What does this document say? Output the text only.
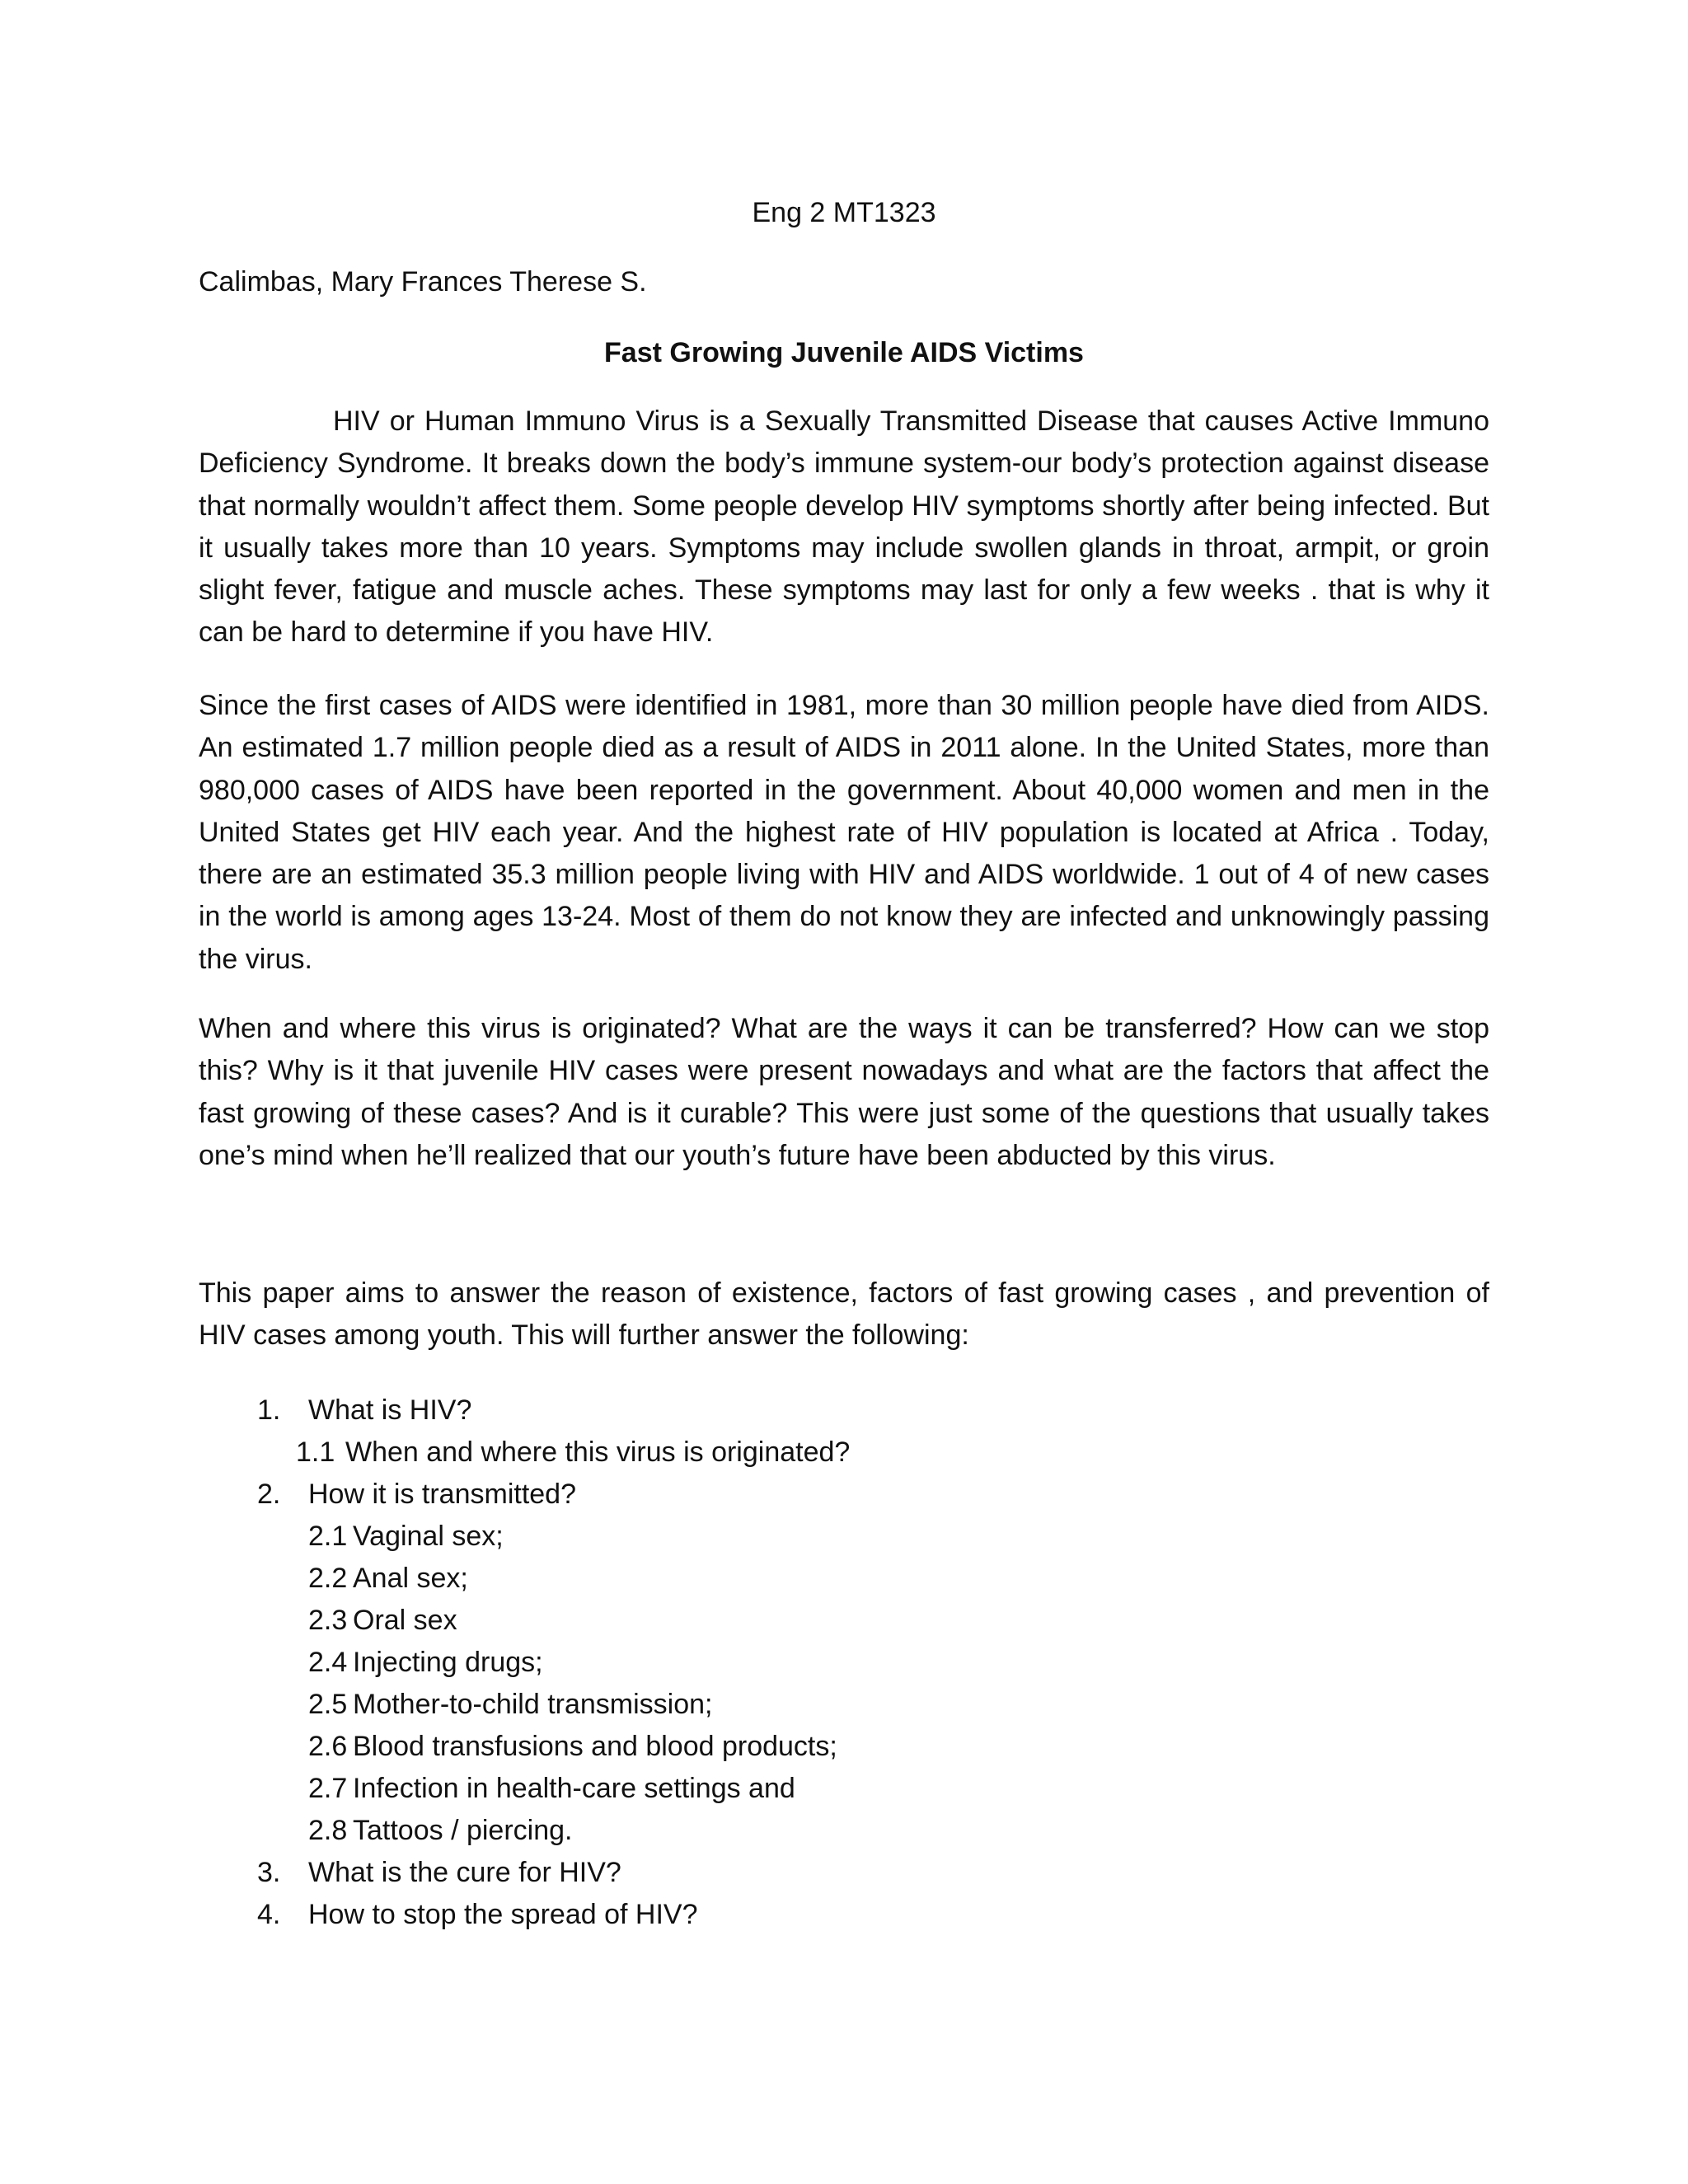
Eng 2 MT1323

Calimbas, Mary Frances Therese S.

Fast Growing Juvenile AIDS Victims

HIV or Human Immuno Virus is a Sexually Transmitted Disease that causes Active Immuno Deficiency Syndrome. It breaks down the body’s immune system-our body’s protection against disease that normally wouldn’t affect them. Some people develop HIV symptoms shortly after being infected. But it usually takes more than 10 years. Symptoms may include swollen glands in throat, armpit, or groin slight fever, fatigue and muscle aches. These symptoms may last for only a few weeks . that is why it can be hard to determine if you have HIV.

Since the first cases of AIDS were identified in 1981, more than 30 million people have died from AIDS. An estimated 1.7 million people died as a result of AIDS in 2011 alone. In the United States, more than 980,000 cases of AIDS have been reported in the government. About 40,000 women and men in the United States get HIV each year. And the highest rate of HIV population is located at Africa . Today, there are an estimated 35.3 million people living with HIV and AIDS worldwide. 1 out of 4 of new cases in the world is among ages 13-24. Most of them do not know they are infected and unknowingly passing the virus.

When and where this virus is originated? What are the ways it can be transferred? How can we stop this? Why is it that juvenile HIV cases were present nowadays and what are the factors that affect the fast growing of these cases? And is it curable? This were just some of the questions that usually takes one’s mind when he’ll realized that our youth’s future have been abducted by this virus.

This paper aims to answer the reason of existence, factors of fast growing cases , and prevention of HIV cases among youth. This will further answer the following:

1. What is HIV?
1.1 When and where this virus is originated?
2. How it is transmitted?
2.1 Vaginal sex;
2.2 Anal sex;
2.3 Oral sex
2.4 Injecting drugs;
2.5 Mother-to-child transmission;
2.6 Blood transfusions and blood products;
2.7 Infection in health-care settings and
2.8 Tattoos / piercing.
3. What is the cure for HIV?
4. How to stop the spread of HIV?
